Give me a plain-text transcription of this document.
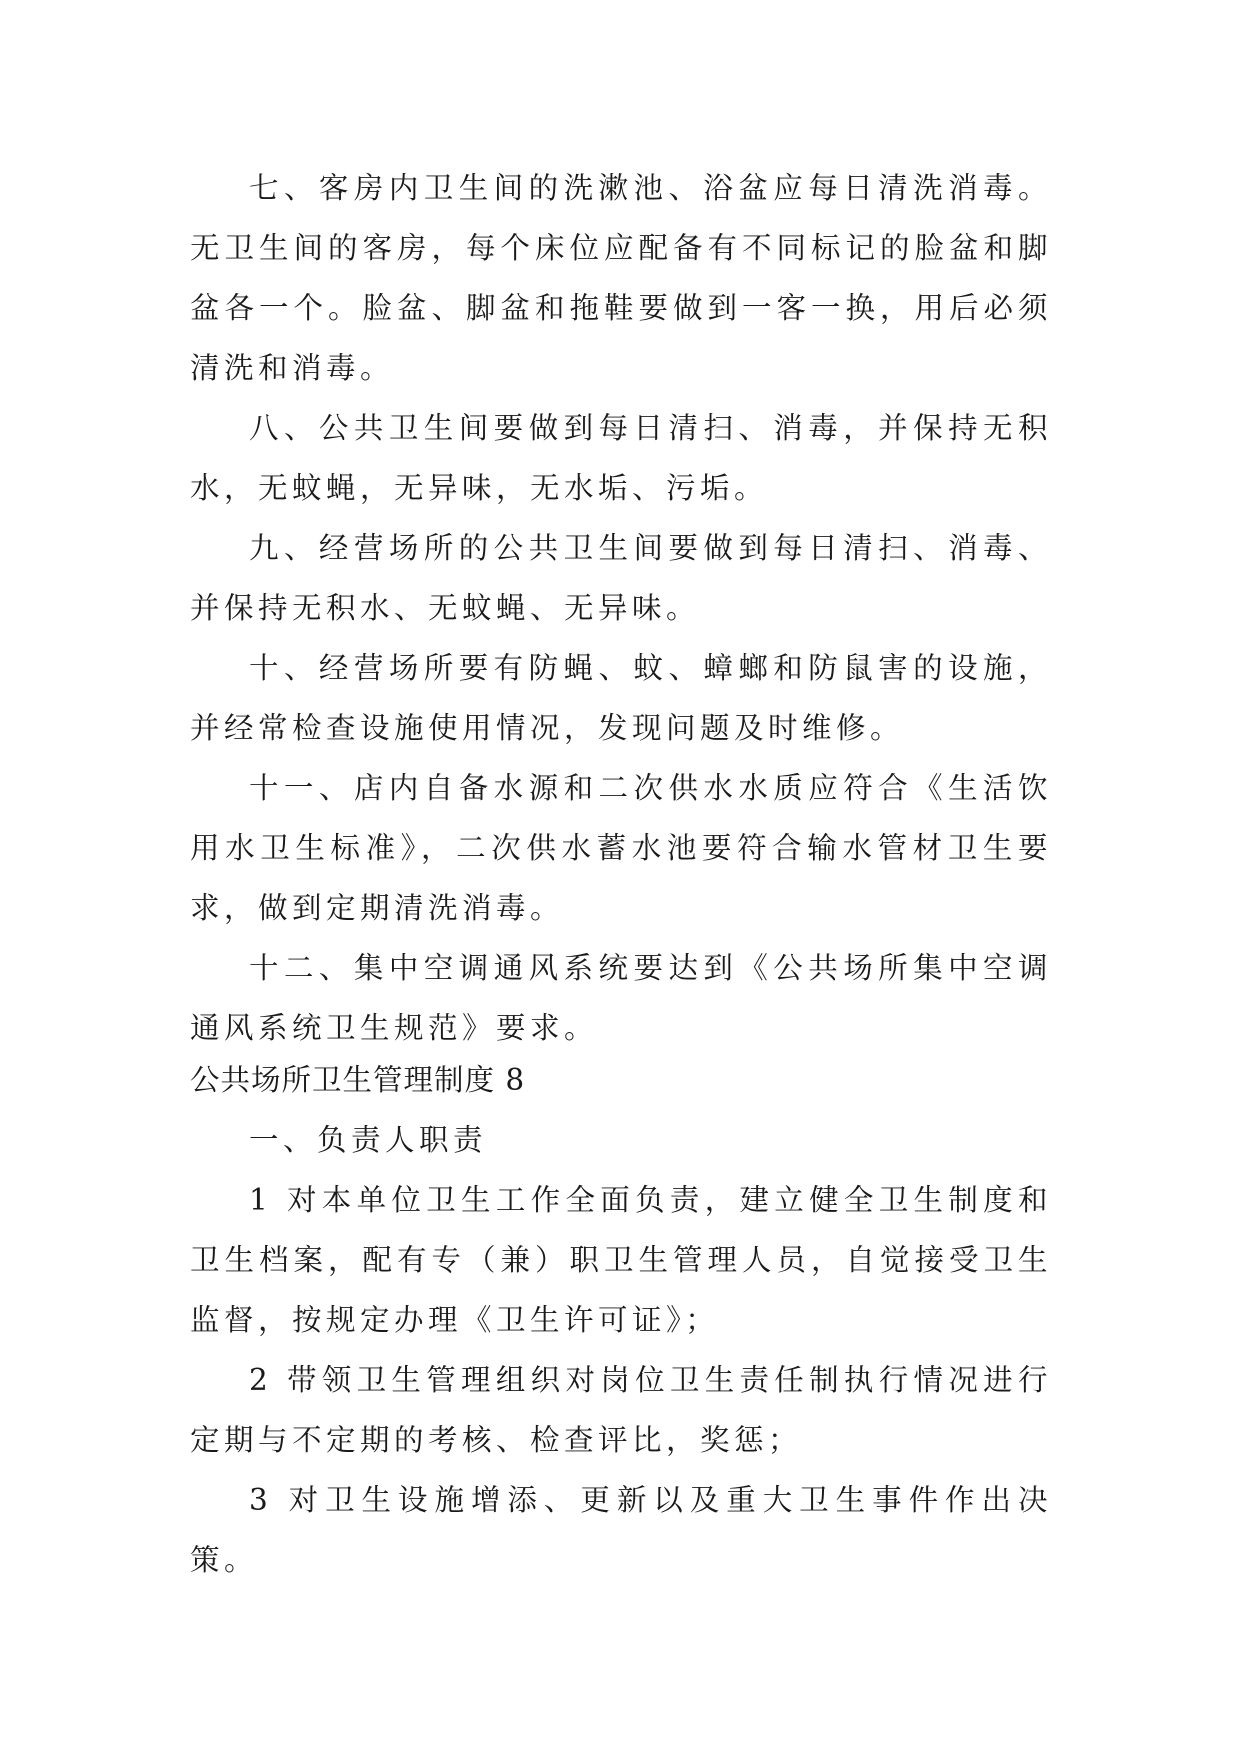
七、客房内卫生间的洗漱池、浴盆应每日清洗消毒。无卫生间的客房，每个床位应配备有不同标记的脸盆和脚盆各一个。脸盆、脚盆和拖鞋要做到一客一换，用后必须清洗和消毒。

八、公共卫生间要做到每日清扫、消毒，并保持无积水，无蚊蝇，无异味，无水垢、污垢。

九、经营场所的公共卫生间要做到每日清扫、消毒、并保持无积水、无蚊蝇、无异味。

十、经营场所要有防蝇、蚊、蟑螂和防鼠害的设施，并经常检查设施使用情况，发现问题及时维修。

十一、店内自备水源和二次供水水质应符合《生活饮用水卫生标准》，二次供水蓄水池要符合输水管材卫生要求，做到定期清洗消毒。

十二、集中空调通风系统要达到《公共场所集中空调通风系统卫生规范》要求。

公共场所卫生管理制度 8

一、负责人职责

1 对本单位卫生工作全面负责，建立健全卫生制度和卫生档案，配有专（兼）职卫生管理人员，自觉接受卫生监督，按规定办理《卫生许可证》；

2 带领卫生管理组织对岗位卫生责任制执行情况进行定期与不定期的考核、检查评比，奖惩；

3 对卫生设施增添、更新以及重大卫生事件作出决策。
